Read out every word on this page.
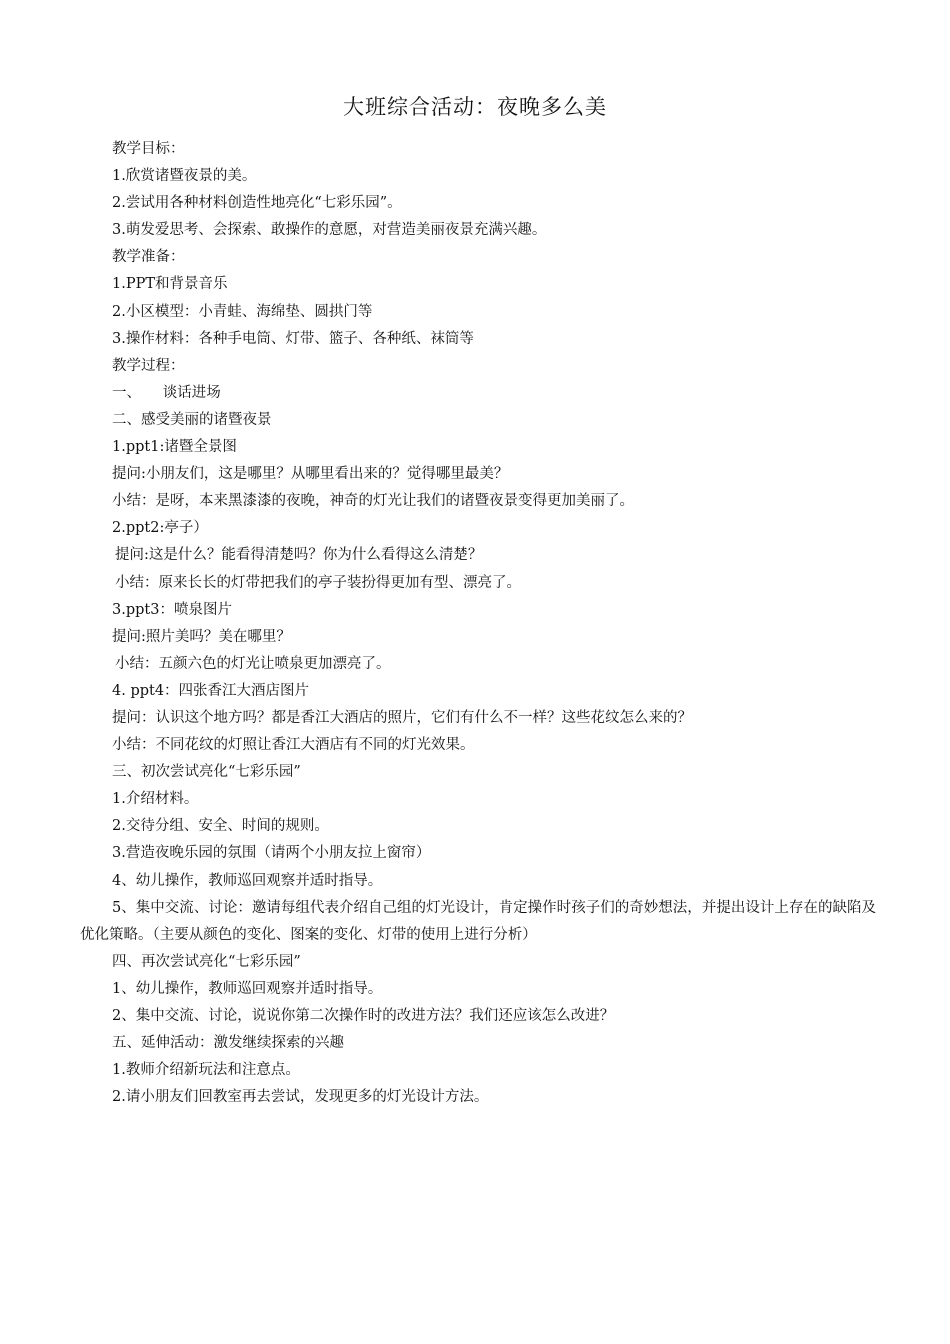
大班综合活动：夜晚多么美
教学目标：
1.欣赏诸暨夜景的美。
2.尝试用各种材料创造性地亮化“七彩乐园”。
3.萌发爱思考、会探索、敢操作的意愿，对营造美丽夜景充满兴趣。
教学准备：
1.PPT和背景音乐
2.小区模型：小青蛙、海绵垫、圆拱门等
3.操作材料：各种手电筒、灯带、篮子、各种纸、袜筒等
教学过程：
一、　　谈话进场
二、感受美丽的诸暨夜景
1.ppt1:诸暨全景图
提问:小朋友们，这是哪里？从哪里看出来的？觉得哪里最美？
小结：是呀，本来黑漆漆的夜晚，神奇的灯光让我们的诸暨夜景变得更加美丽了。
2.ppt2:亭子）
提问:这是什么？能看得清楚吗？你为什么看得这么清楚？
小结：原来长长的灯带把我们的亭子装扮得更加有型、漂亮了。
3.ppt3：喷泉图片
提问:照片美吗？美在哪里？
小结：五颜六色的灯光让喷泉更加漂亮了。
4. ppt4：四张香江大酒店图片
提问：认识这个地方吗？都是香江大酒店的照片，它们有什么不一样？这些花纹怎么来的？
小结：不同花纹的灯照让香江大酒店有不同的灯光效果。
三、初次尝试亮化“七彩乐园”
1.介绍材料。
2.交待分组、安全、时间的规则。
3.营造夜晚乐园的氛围（请两个小朋友拉上窗帘）
4、幼儿操作，教师巡回观察并适时指导。
5、集中交流、讨论：邀请每组代表介绍自己组的灯光设计，肯定操作时孩子们的奇妙想法，并提出设计上存在的缺陷及优化策略。（主要从颜色的变化、图案的变化、灯带的使用上进行分析）
四、再次尝试亮化“七彩乐园”
1、幼儿操作，教师巡回观察并适时指导。
2、集中交流、讨论，说说你第二次操作时的改进方法？我们还应该怎么改进？
五、延伸活动：激发继续探索的兴趣
1.教师介绍新玩法和注意点。
2.请小朋友们回教室再去尝试，发现更多的灯光设计方法。
